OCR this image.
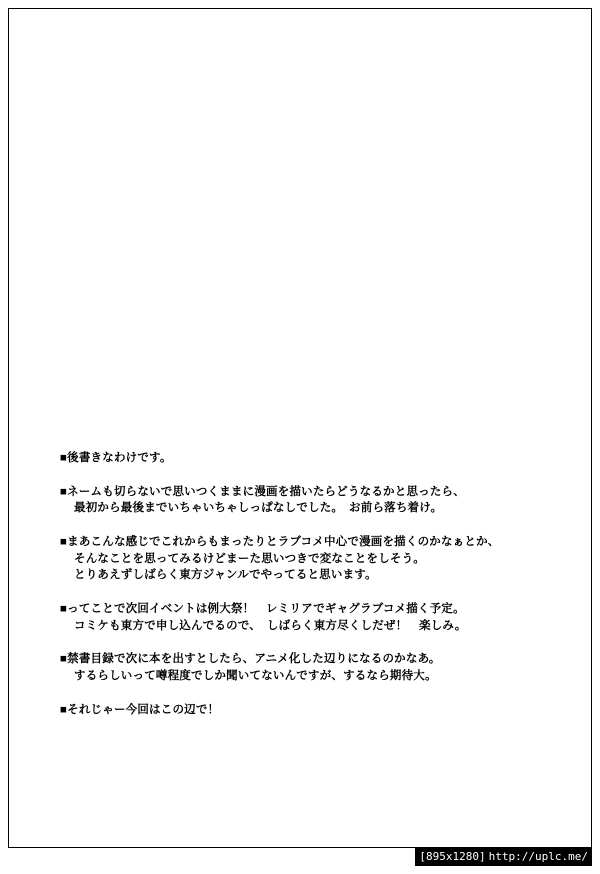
■後書きなわけです。
■ネームも切らないで思いつくままに漫画を描いたらどうなるかと思ったら、
最初から最後までいちゃいちゃしっぱなしでした。　お前ら落ち着け。
■まあこんな感じでこれからもまったりとラブコメ中心で漫画を描くのかなぁとか、
そんなことを思ってみるけどまーた思いつきで変なことをしそう。
とりあえずしばらく東方ジャンルでやってると思います。
■ってことで次回イベントは例大祭！　レミリアでギャグラブコメ描く予定。
コミケも東方で申し込んでるので、　しばらく東方尽くしだぜ！　楽しみ。
■禁書目録で次に本を出すとしたら、アニメ化した辺りになるのかなあ。
するらしいって噂程度でしか聞いてないんですが、するなら期待大。
■それじゃー今回はこの辺で！
[895x1280] http://uplc.me/
